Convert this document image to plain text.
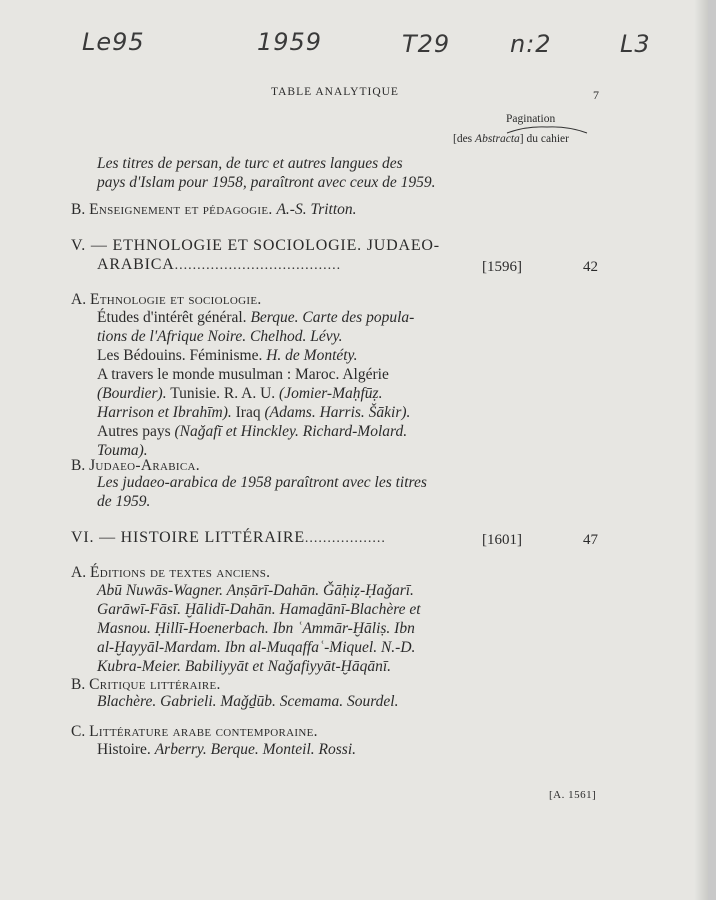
Le95	1959	T29 n:2	L3
TABLE ANALYTIQUE	7
Pagination
[des Abstracta] du cahier
Les titres de persan, de turc et autres langues des
pays d'Islam pour 1958, paraîtront avec ceux de 1959.
B. Enseignement et pédagogie. A.-S. Tritton.
V. — ETHNOLOGIE ET SOCIOLOGIE. JUDAEO-
ARABICA.....................................	[1596]	42
A. Ethnologie et sociologie.
Études d'intérêt général. Berque. Carte des popula-
tions de l'Afrique Noire. Chelhod. Lévy.
Les Bédouins. Féminisme. H. de Montéty.
A travers le monde musulman : Maroc. Algérie
(Bourdier). Tunisie. R. A. U. (Jomier-Maḥfūẓ.
Harrison et Ibrahīm). Iraq (Adams. Harris. Šākir).
Autres pays (Naǧafī et Hinckley. Richard-Molard.
Touma).
B. Judaeo-Arabica.
Les judaeo-arabica de 1958 paraîtront avec les titres
de 1959.
VI. — HISTOIRE LITTÉRAIRE..................	[1601]	47
A. Éditions de textes anciens.
Abū Nuwās-Wagner. Anṣārī-Dahān. Ǧāḥiẓ-Ḥaǧarī.
Garāwī-Fāsī. Ḫālidī-Dahān. Hamaḏānī-Blachère et
Masnou. Ḥillī-Hoenerbach. Ibn ʿAmmār-Ḫāliṣ. Ibn
al-Ḫayyāl-Mardam. Ibn al-Muqaffaʿ-Miquel. N.-D.
Kubra-Meier. Babiliyyāt et Naǧafiyyāt-Ḫāqānī.
B. Critique littéraire.
Blachère. Gabrieli. Maǧḏūb. Scemama. Sourdel.
C. Littérature arabe contemporaine.
Histoire. Arberry. Berque. Monteil. Rossi.
[A. 1561]
